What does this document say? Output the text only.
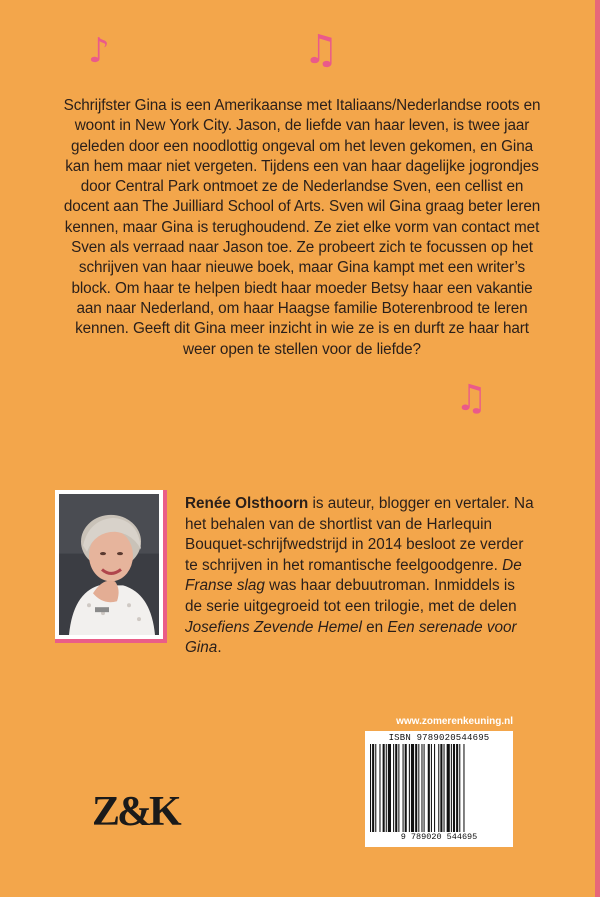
♪	♫
♫

Schrijfster Gina is een Amerikaanse met Italiaans/Nederlandse roots en woont in New York City. Jason, de liefde van haar leven, is twee jaar geleden door een noodlottig ongeval om het leven gekomen, en Gina kan hem maar niet vergeten. Tijdens een van haar dagelijke jogrondjes door Central Park ontmoet ze de Nederlandse Sven, een cellist en docent aan The Juilliard School of Arts. Sven wil Gina graag beter leren kennen, maar Gina is terughoudend. Ze ziet elke vorm van contact met Sven als verraad naar Jason toe. Ze probeert zich te focussen op het schrijven van haar nieuwe boek, maar Gina kampt met een writer’s block. Om haar te helpen biedt haar moeder Betsy haar een vakantie aan naar Nederland, om haar Haagse familie Boterenbrood te leren kennen. Geeft dit Gina meer inzicht in wie ze is en durft ze haar hart weer open te stellen voor de liefde?

Renée Olsthoorn is auteur, blogger en vertaler. Na het behalen van de shortlist van de Harlequin Bouquet-schrijfwedstrijd in 2014 besloot ze verder te schrijven in het romantische feelgoodgenre. De Franse slag was haar debuutroman. Inmiddels is de serie uitgegroeid tot een trilogie, met de delen Josefiens Zevende Hemel en Een serenade voor Gina.

www.zomerenkeuning.nl
ISBN 9789020544695
9 789020 544695
Z&K
